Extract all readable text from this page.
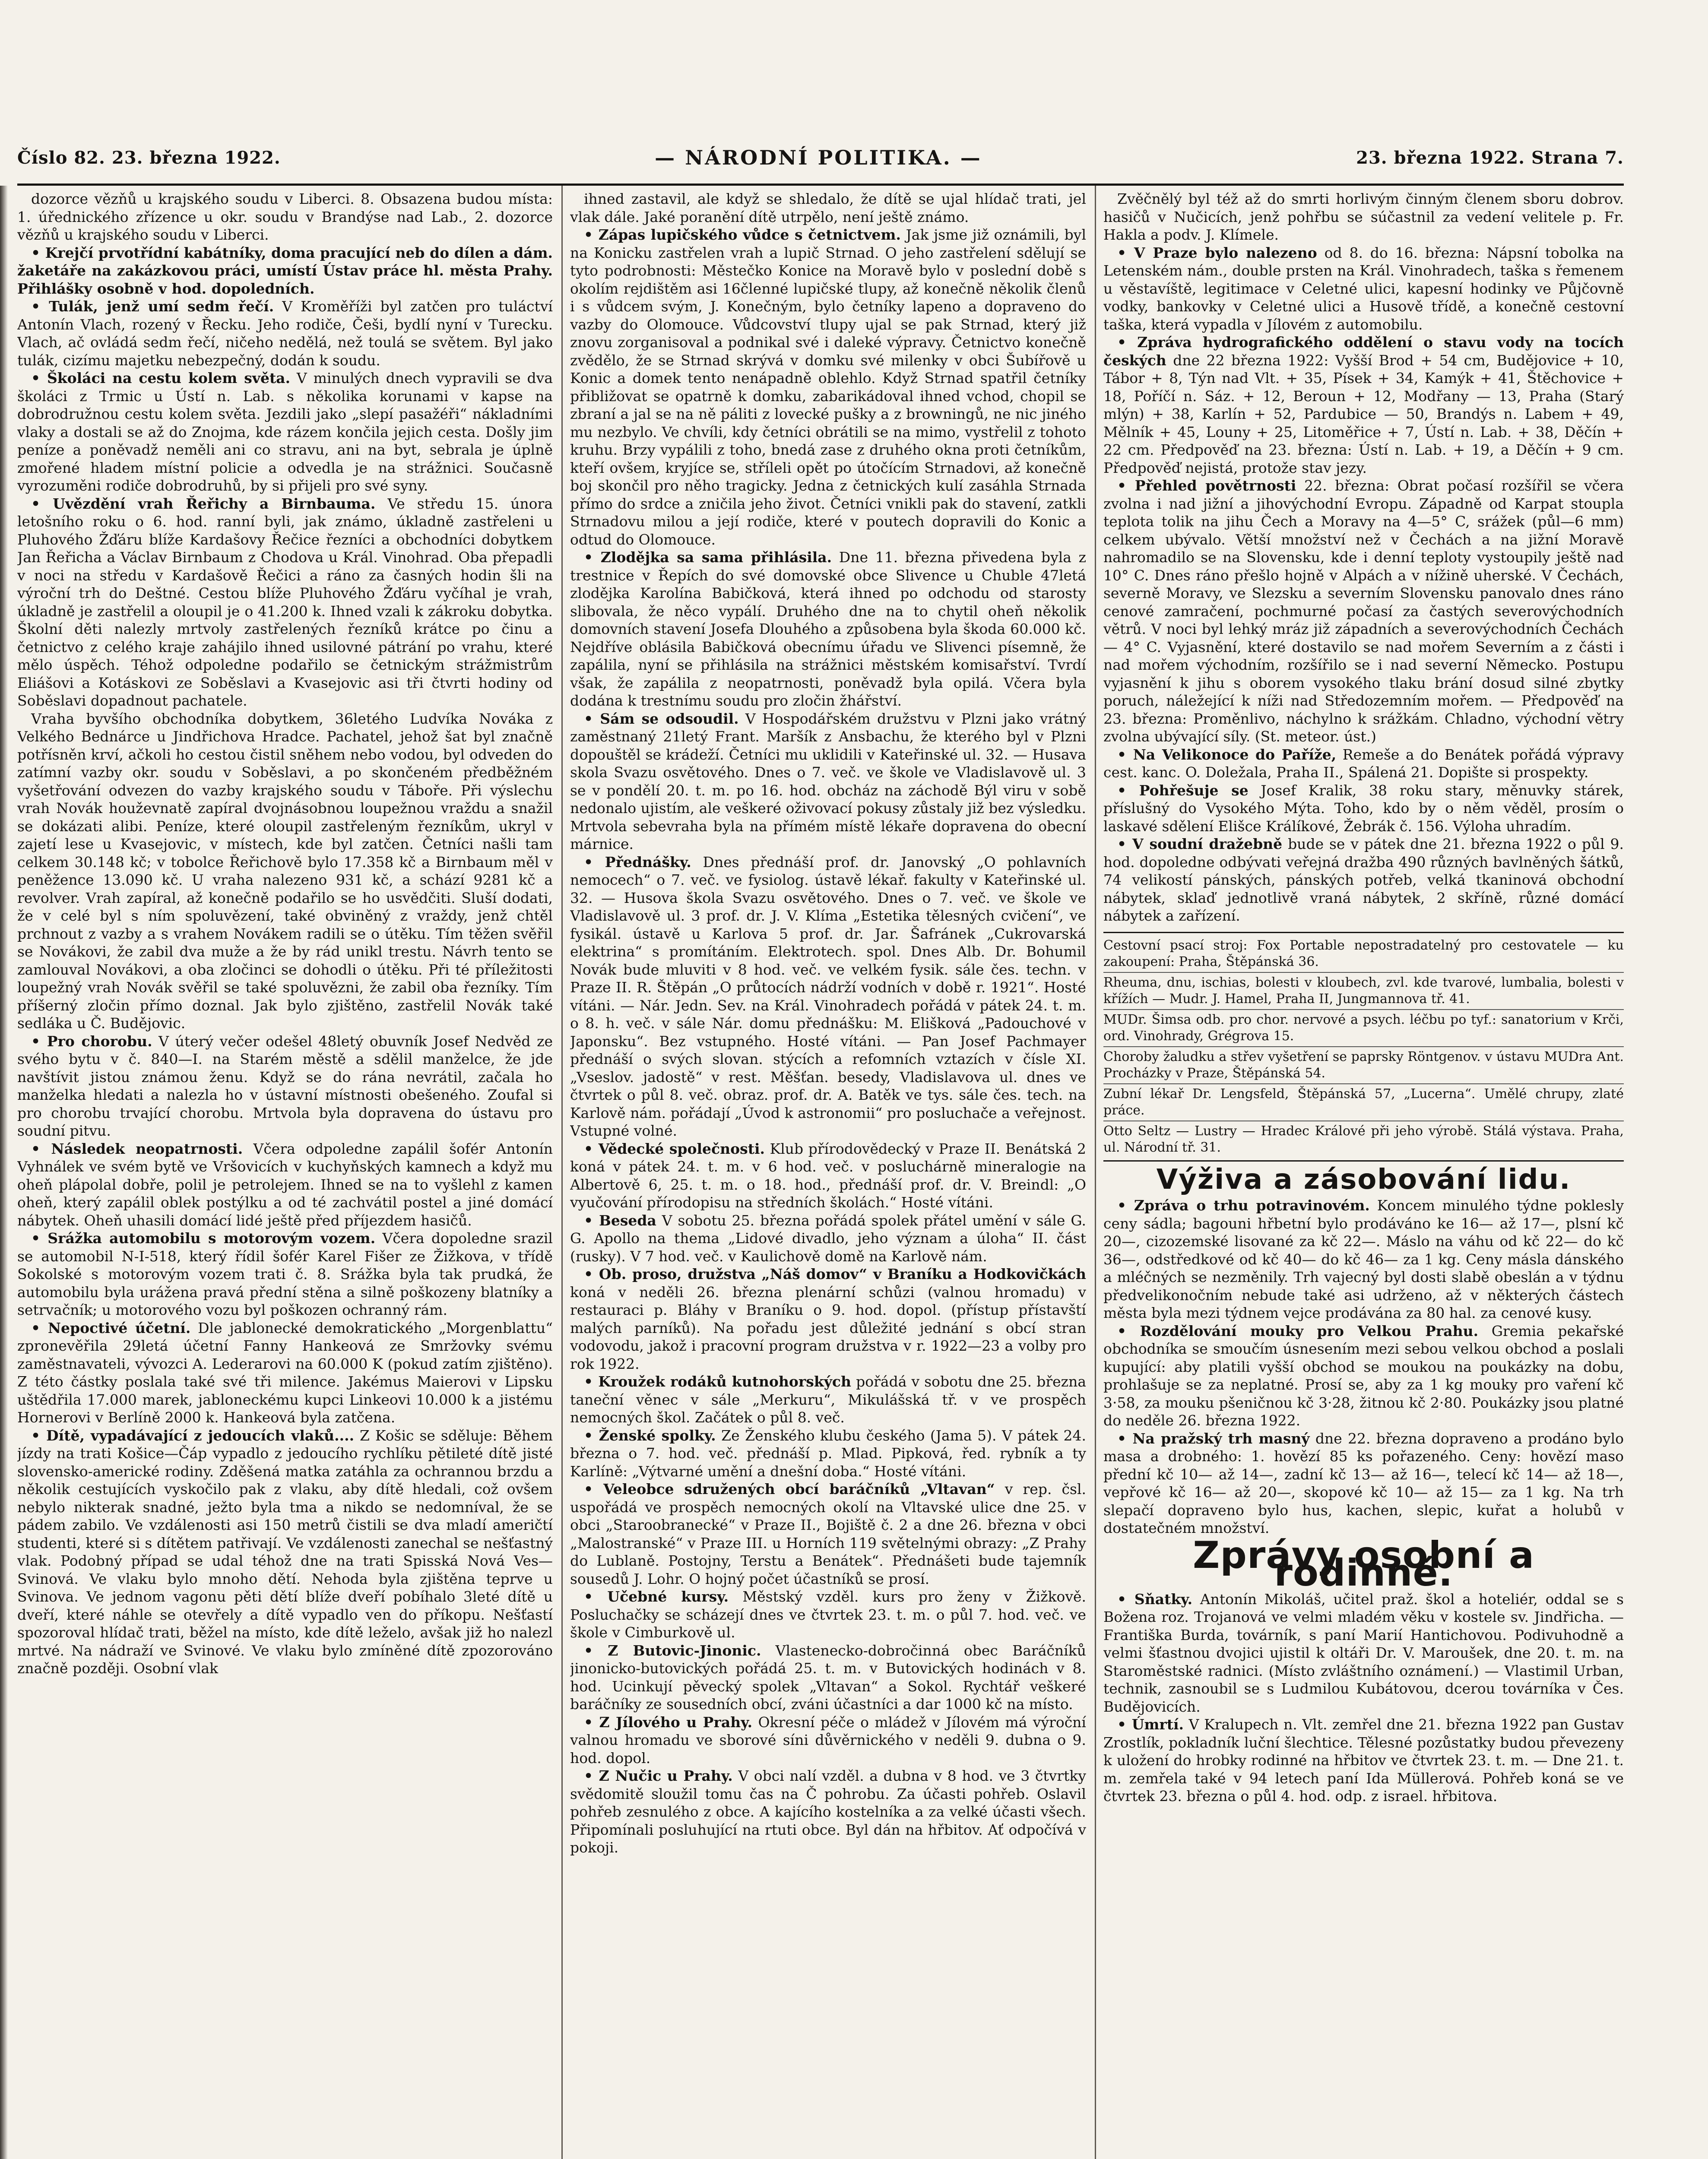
Číslo 82. 23. března 1922.	— NÁRODNÍ POLITIKA. —	23. března 1922. Strana 7.

dozorce vězňů u krajského soudu v Liberci. 8. Obsazena budou místa: 1. úřednického zřízence u okr. soudu v Brandýse nad Lab., 2. dozorce vězňů u krajského soudu v Liberci.

• Krejčí prvotřídní kabátníky, doma pracující neb do dílen a dám. žaketáře na zakázkovou práci, umístí Ústav práce hl. města Prahy. Přihlášky osobně v hod. dopoledních.

• Tulák, jenž umí sedm řečí. V Kroměříži byl zatčen pro tuláctví Antonín Vlach, rozený v Řecku. Jeho rodiče, Češi, bydlí nyní v Turecku. Vlach, ač ovládá sedm řečí, ničeho nedělá, než toulá se světem. Byl jako tulák, cizímu majetku nebezpečný, dodán k soudu.

• Školáci na cestu kolem světa. V minulých dnech vypravili se dva školáci z Trmic u Ústí n. Lab. s několika korunami v kapse na dobrodružnou cestu kolem světa. Jezdili jako „slepí pasažéři“ nákladními vlaky a dostali se až do Znojma, kde rázem končila jejich cesta. Došly jim peníze a poněvadž neměli ani co stravu, ani na byt, sebrala je úplně zmořené hladem místní policie a odvedla je na strážnici. Současně vyrozuměni rodiče dobrodruhů, by si přijeli pro své syny.

• Uvězdění vrah Řeřichy a Birnbauma. Ve středu 15. února letošního roku o 6. hod. ranní byli, jak známo, úkladně zastřeleni u Pluhového Žďáru blíže Kardašovy Řečice řezníci a obchodníci dobytkem Jan Řeřicha a Václav Birnbaum z Chodova u Král. Vinohrad. Oba přepadli v noci na středu v Kardašově Řečici a ráno za časných hodin šli na výroční trh do Deštné. Cestou blíže Pluhového Žďáru vyčíhal je vrah, úkladně je zastřelil a oloupil je o 41.200 k. Ihned vzali k zákroku dobytka. Školní děti nalezly mrtvoly zastřelených řezníků krátce po činu a četnictvo z celého kraje zahájilo ihned usilovné pátrání po vrahu, které mělo úspěch. Téhož odpoledne podařilo se četnickým strážmistrům Eliášovi a Kotáskovi ze Soběslavi a Kvasejovic asi tři čtvrti hodiny od Soběslavi dopadnout pachatele.

Vraha byvšího obchodníka dobytkem, 36letého Ludvíka Nováka z Velkého Bednárce u Jindřichova Hradce. Pachatel, jehož šat byl značně potřísněn krví, ačkoli ho cestou čistil sněhem nebo vodou, byl odveden do zatímní vazby okr. soudu v Soběslavi, a po skončeném předběžném vyšetřování odvezen do vazby krajského soudu v Táboře. Při výslechu vrah Novák houževnatě zapíral dvojnásobnou loupežnou vraždu a snažil se dokázati alibi. Peníze, které oloupil zastřeleným řezníkům, ukryl v zajetí lese u Kvasejovic, v místech, kde byl zatčen. Četníci našli tam celkem 30.148 kč; v tobolce Řeřichově bylo 17.358 kč a Birnbaum měl v peněžence 13.090 kč. U vraha nalezeno 931 kč, a schází 9281 kč a revolver. Vrah zapíral, až konečně podařilo se ho usvědčiti. Sluší dodati, že v celé byl s ním spoluvězení, také obviněný z vraždy, jenž chtěl prchnout z vazby a s vrahem Novákem radili se o útěku. Tím těžen svěřil se Novákovi, že zabil dva muže a že by rád unikl trestu. Návrh tento se zamlouval Novákovi, a oba zločinci se dohodli o útěku. Při té příležitosti loupežný vrah Novák svěřil se také spoluvězni, že zabil oba řezníky. Tím příšerný zločin přímo doznal. Jak bylo zjištěno, zastřelil Novák také sedláka u Č. Budějovic.

• Pro chorobu. V úterý večer odešel 48letý obuvník Josef Nedvěd ze svého bytu v č. 840—I. na Starém městě a sdělil manželce, že jde navštívit jistou známou ženu. Když se do rána nevrátil, začala ho manželka hledati a nalezla ho v ústavní místnosti obešeného. Zoufal si pro chorobu trvající chorobu. Mrtvola byla dopravena do ústavu pro soudní pitvu.

• Následek neopatrnosti. Včera odpoledne zapálil šofér Antonín Vyhnálek ve svém bytě ve Vršovicích v kuchyňských kamnech a když mu oheň plápolal dobře, polil je petrolejem. Ihned se na to vyšlehl z kamen oheň, který zapálil oblek postýlku a od té zachvátil postel a jiné domácí nábytek. Oheň uhasili domácí lidé ještě před příjezdem hasičů.

• Srážka automobilu s motorovým vozem. Včera dopoledne srazil se automobil N-I-518, který řídil šofér Karel Fišer ze Žižkova, v třídě Sokolské s motorovým vozem trati č. 8. Srážka byla tak prudká, že automobilu byla urážena pravá přední stěna a silně poškozeny blatníky a setrvačník; u motorového vozu byl poškozen ochranný rám.

• Nepoctivé účetní. Dle jablonecké demokratického „Morgenblattu“ zpronevěřila 29letá účetní Fanny Hankeová ze Smržovky svému zaměstnavateli, vývozci A. Lederarovi na 60.000 K (pokud zatím zjištěno). Z této částky poslala také své tři milence. Jakémus Maierovi v Lipsku uštědřila 17.000 marek, jabloneckému kupci Linkeovi 10.000 k a jistému Hornerovi v Berlíně 2000 k. Hankeová byla zatčena.

• Dítě, vypadávající z jedoucích vlaků.... Z Košic se sděluje: Během jízdy na trati Košice—Čáp vypadlo z jedoucího rychlíku pětileté dítě jisté slovensko-americké rodiny. Zděšená matka zatáhla za ochrannou brzdu a několik cestujících vyskočilo pak z vlaku, aby dítě hledali, což ovšem nebylo nikterak snadné, ježto byla tma a nikdo se nedomníval, že se pádem zabilo. Ve vzdálenosti asi 150 metrů čistili se dva mladí američtí studenti, které si s dítětem patřivají. Ve vzdálenosti zanechal se nešťastný vlak. Podobný případ se udal téhož dne na trati Spisská Nová Ves—Svinová. Ve vlaku bylo mnoho dětí. Nehoda byla zjištěna teprve u Svinova. Ve jednom vagonu pěti dětí blíže dveří pobíhalo 3leté dítě u dveří, které náhle se otevřely a dítě vypadlo ven do příkopu. Nešťastí spozoroval hlídač trati, běžel na místo, kde dítě leželo, avšak již ho nalezl mrtvé. Na nádraží ve Svinové. Ve vlaku bylo zmíněné dítě zpozorováno značně později. Osobní vlak

ihned zastavil, ale když se shledalo, že dítě se ujal hlídač trati, jel vlak dále. Jaké poranění dítě utrpělo, není ještě známo.

• Zápas lupičského vůdce s četnictvem. Jak jsme již oznámili, byl na Konicku zastřelen vrah a lupič Strnad. O jeho zastřelení sdělují se tyto podrobnosti: Městečko Konice na Moravě bylo v poslední době s okolím rejdištěm asi 16členné lupičské tlupy, až konečně několik členů i s vůdcem svým, J. Konečným, bylo četníky lapeno a dopraveno do vazby do Olomouce. Vůdcovství tlupy ujal se pak Strnad, který již znovu zorganisoval a podnikal své i daleké výpravy. Četnictvo konečně zvědělo, že se Strnad skrývá v domku své milenky v obci Šubířově u Konic a domek tento nenápadně oblehlo. Když Strnad spatřil četníky přibližovat se opatrně k domku, zabarikádoval ihned vchod, chopil se zbraní a jal se na ně páliti z lovecké pušky a z browningů, ne nic jiného mu nezbylo. Ve chvíli, kdy četníci obrátili se na mimo, vystřelil z tohoto kruhu. Brzy vypálili z toho, bnedá zase z druhého okna proti četníkům, kteří ovšem, kryjíce se, stříleli opět po útočícím Strnadovi, až konečně boj skončil pro něho tragicky. Jedna z četnických kulí zasáhla Strnada přímo do srdce a zničila jeho život. Četníci vnikli pak do stavení, zatkli Strnadovu milou a její rodiče, které v poutech dopravili do Konic a odtud do Olomouce.

• Zlodějka sa sama přihlásila. Dne 11. března přivedena byla z trestnice v Řepích do své domovské obce Slivence u Chuble 47letá zlodějka Karolína Babičková, která ihned po odchodu od starosty slibovala, že něco vypálí. Druhého dne na to chytil oheň několik domovních stavení Josefa Dlouhého a způsobena byla škoda 60.000 kč. Nejdříve oblásila Babičková obecnímu úřadu ve Slivenci písemně, že zapálila, nyní se přihlásila na strážnici městském komisařství. Tvrdí však, že zapálila z neopatrnosti, poněvadž byla opilá. Včera byla dodána k trestnímu soudu pro zločin žhářství.

• Sám se odsoudil. V Hospodářském družstvu v Plzni jako vrátný zaměstnaný 21letý Frant. Maršík z Ansbachu, že kterého byl v Plzni dopouštěl se krádeží. Četníci mu uklidili v Kateřinské ul. 32. — Husava skola Svazu osvětového. Dnes o 7. več. ve škole ve Vladislavově ul. 3 se v pondělí 20. t. m. po 16. hod. obcház na záchodě Býl viru v sobě nedonalo ujistím, ale veškeré oživovací pokusy zůstaly již bez výsledku. Mrtvola sebevraha byla na přímém místě lékaře dopravena do obecní márnice.

• Přednášky. Dnes přednáší prof. dr. Janovský „O pohlavních nemocech“ o 7. več. ve fysiolog. ústavě lékař. fakulty v Kateřinské ul. 32. — Husova škola Svazu osvětového. Dnes o 7. več. ve škole ve Vladislavově ul. 3 prof. dr. J. V. Klíma „Estetika tělesných cvičení“, ve fysikál. ústavě u Karlova 5 prof. dr. Jar. Šafránek „Cukrovarská elektrina“ s promítáním. Elektrotech. spol. Dnes Alb. Dr. Bohumil Novák bude mluviti v 8 hod. več. ve velkém fysik. sále čes. techn. v Praze II. R. Štěpán „O průtocích nádrží vodních v době r. 1921“. Hosté vítáni. — Nár. Jedn. Sev. na Král. Vinohradech pořádá v pátek 24. t. m. o 8. h. več. v sále Nár. domu přednášku: M. Elišková „Padouchové v Japonsku“. Bez vstupného. Hosté vítáni. — Pan Josef Pachmayer přednáší o svých slovan. stýcích a refomních vztazích v čísle XI. „Vseslov. jadostě“ v rest. Měšťan. besedy, Vladislavova ul. dnes ve čtvrtek o půl 8. več. obraz. prof. dr. A. Batěk ve tys. sále čes. tech. na Karlově nám. pořádají „Úvod k astronomii“ pro posluchače a veřejnost. Vstupné volné.

• Vědecké společnosti. Klub přírodovědecký v Praze II. Benátská 2 koná v pátek 24. t. m. v 6 hod. več. v posluchárně mineralogie na Albertově 6, 25. t. m. o 18. hod., přednáší prof. dr. V. Breindl: „O vyučování přírodopisu na středních školách.“ Hosté vítáni.

• Beseda V sobotu 25. března pořádá spolek přátel umění v sále G. G. Apollo na thema „Lidové divadlo, jeho význam a úloha“ II. část (rusky). V 7 hod. več. v Kaulichově domě na Karlově nám.

• Ob. proso, družstva „Náš domov“ v Braníku a Hodkovičkách koná v neděli 26. března plenární schůzi (valnou hromadu) v restauraci p. Bláhy v Braníku o 9. hod. dopol. (přístup přístavští malých parníků). Na pořadu jest důležité jednání s obcí stran vodovodu, jakož i pracovní program družstva v r. 1922—23 a volby pro rok 1922.

• Kroužek rodáků kutnohorských pořádá v sobotu dne 25. března taneční věnec v sále „Merkuru“, Mikulášská tř. v ve prospěch nemocných škol. Začátek o půl 8. več.

• Ženské spolky. Ze Ženského klubu českého (Jama 5). V pátek 24. března o 7. hod. več. přednáší p. Mlad. Pipková, řed. rybník a ty Karlíně: „Výtvarné umění a dnešní doba.“ Hosté vítáni.

• Veleobce sdružených obcí baráčníků „Vltavan“ v rep. čsl. uspořádá ve prospěch nemocných okolí na Vltavské ulice dne 25. v obci „Staroobranecké“ v Praze II., Bojiště č. 2 a dne 26. března v obci „Malostranské“ v Praze III. u Horních 119 světelnými obrazy: „Z Prahy do Lublaně. Postojny, Terstu a Benátek“. Přednášeti bude tajemník sousedů J. Lohr. O hojný počet účastníků se prosí.

• Učebné kursy. Městský vzděl. kurs pro ženy v Žižkově. Posluchačky se scházejí dnes ve čtvrtek 23. t. m. o půl 7. hod. več. ve škole v Cimburkově ul.

• Z Butovic-Jinonic. Vlastenecko-dobročinná obec Baráčníků jinonicko-butovických pořádá 25. t. m. v Butovických hodinách v 8. hod. Ucinkují pěvecký spolek „Vltavan“ a Sokol. Rychtář veškeré baráčníky ze sousedních obcí, zváni účastníci a dar 1000 kč na místo.

• Z Jílového u Prahy. Okresní péče o mládež v Jílovém má výroční valnou hromadu ve sborové síni důvěrnického v neděli 9. dubna o 9. hod. dopol.

• Z Nučic u Prahy. V obci nalí vzděl. a dubna v 8 hod. ve 3 čtvrtky svědomitě sloužil tomu čas na Č pohrobu. Za účasti pohřeb. Oslavil pohřeb zesnulého z obce. A kajícího kostelníka a za velké účasti všech. Připomínali posluhující na rtuti obce. Byl dán na hřbitov. Ať odpočívá v pokoji.

Zvěčnělý byl též až do smrti horlivým činným členem sboru dobrov. hasičů v Nučicích, jenž pohřbu se súčastnil za vedení velitele p. Fr. Hakla a podv. J. Klímele.

• V Praze bylo nalezeno od 8. do 16. března: Nápsní tobolka na Letenském nám., double prsten na Král. Vinohradech, taška s řemenem u věstavíště, legitimace v Celetné ulici, kapesní hodinky ve Půjčovně vodky, bankovky v Celetné ulici a Husově třídě, a konečně cestovní taška, která vypadla v Jílovém z automobilu.

• Zpráva hydrografického oddělení o stavu vody na tocích českých dne 22 března 1922: Vyšší Brod + 54 cm, Budějovice + 10, Tábor + 8, Týn nad Vlt. + 35, Písek + 34, Kamýk + 41, Štěchovice + 18, Poříčí n. Sáz. + 12, Beroun + 12, Modřany — 13, Praha (Starý mlýn) + 38, Karlín + 52, Pardubice — 50, Brandýs n. Labem + 49, Mělník + 45, Louny + 25, Litoměřice + 7, Ústí n. Lab. + 38, Děčín + 22 cm. Předpověď na 23. března: Ústí n. Lab. + 19, a Děčín + 9 cm. Předpověď nejistá, protože stav jezy.

• Přehled povětrnosti 22. března: Obrat počasí rozšířil se včera zvolna i nad jižní a jihovýchodní Evropu. Západně od Karpat stoupla teplota tolik na jihu Čech a Moravy na 4—5° C, srážek (půl—6 mm) celkem ubývalo. Větší množství než v Čechách a na jižní Moravě nahromadilo se na Slovensku, kde i denní teploty vystoupily ještě nad 10° C. Dnes ráno přešlo hojně v Alpách a v nížině uherské. V Čechách, severně Moravy, ve Slezsku a severním Slovensku panovalo dnes ráno cenové zamračení, pochmurné počasí za častých severovýchodních větrů. V noci byl lehký mráz již západních a severovýchodních Čechách — 4° C. Vyjasnění, které dostavilo se nad mořem Severním a z části i nad mořem východním, rozšířilo se i nad severní Německo. Postupu vyjasnění k jihu s oborem vysokého tlaku brání dosud silné zbytky poruch, náležející k níži nad Středozemním mořem. — Předpověď na 23. března: Proměnlivo, náchylno k srážkám. Chladno, východní větry zvolna ubývající síly. (St. meteor. úst.)

• Na Velikonoce do Paříže, Remeše a do Benátek pořádá výpravy cest. kanc. O. Doležala, Praha II., Spálená 21. Dopište si prospekty.

• Pohřešuje se Josef Kralik, 38 roku stary, měnuvky stárek, příslušný do Vysokého Mýta. Toho, kdo by o něm věděl, prosím o laskavé sdělení Elišce Králíkové, Žebrák č. 156. Výloha uhradím.

• V soudní dražebně bude se v pátek dne 21. března 1922 o půl 9. hod. dopoledne odbývati veřejná dražba 490 různých bavlněných šátků, 74 velikostí pánských, pánských potřeb, velká tkaninová obchodní nábytek, sklaď jednotlivě vraná nábytek, 2 skříně, různé domácí nábytek a zařízení.

Cestovní psací stroj: Fox Portable nepostradatelný pro cestovatele — ku zakoupení: Praha, Štěpánská 36.

Rheuma, dnu, ischias, bolesti v kloubech, zvl. kde tvarové, lumbalia, bolesti v křížích — Mudr. J. Hamel, Praha II, Jungmannova tř. 41.

MUDr. Šimsa odb. pro chor. nervové a psych. léčbu po tyf.: sanatorium v Krči, ord. Vinohrady, Grégrova 15.

Choroby žaludku a střev vyšetření se paprsky Röntgenov. v ústavu MUDra Ant. Procházky v Praze, Štěpánská 54.

Zubní lékař Dr. Lengsfeld, Štěpánská 57, „Lucerna“. Umělé chrupy, zlaté práce.

Otto Seltz — Lustry — Hradec Králové při jeho výrobě. Stálá výstava. Praha, ul. Národní tř. 31.

Výživa a zásobování lidu.

• Zpráva o trhu potravinovém. Koncem minulého týdne poklesly ceny sádla; bagouni hřbetní bylo prodáváno ke 16— až 17—, plsní kč 20—, cizozemské lisované za kč 22—. Máslo na váhu od kč 22— do kč 36—, odstředkové od kč 40— do kč 46— za 1 kg. Ceny másla dánského a mléčných se nezměnily. Trh vajecný byl dosti slabě obeslán a v týdnu předvelikonočním nebude také asi udrženo, až v některých částech města byla mezi týdnem vejce prodávána za 80 hal. za cenové kusy.

• Rozdělování mouky pro Velkou Prahu. Gremia pekařské obchodníka se smoučím úsnesením mezi sebou velkou obchod a poslali kupující: aby platili vyšší obchod se moukou na poukázky na dobu, prohlašuje se za neplatné. Prosí se, aby za 1 kg mouky pro vaření kč 3·58, za mouku pšeničnou kč 3·28, žitnou kč 2·80. Poukázky jsou platné do neděle 26. března 1922.

• Na pražský trh masný dne 22. března dopraveno a prodáno bylo masa a drobného: 1. hovězí 85 ks pořazeného. Ceny: hovězí maso přední kč 10— až 14—, zadní kč 13— až 16—, telecí kč 14— až 18—, vepřové kč 16— až 20—, skopové kč 10— až 15— za 1 kg. Na trh slepačí dopraveno bylo hus, kachen, slepic, kuřat a holubů v dostatečném množství.

Zprávy osobní a rodinné.

• Sňatky. Antonín Mikoláš, učitel praž. škol a hoteliér, oddal se s Božena roz. Trojanová ve velmi mladém věku v kostele sv. Jindřicha. — Františka Burda, továrník, s paní Marií Hantichovou. Podivuhodně a velmi šťastnou dvojici ujistil k oltáři Dr. V. Maroušek, dne 20. t. m. na Staroměstské radnici. (Místo zvláštního oznámení.) — Vlastimil Urban, technik, zasnoubil se s Ludmilou Kubátovou, dcerou továrníka v Čes. Budějovicích.

• Úmrtí. V Kralupech n. Vlt. zemřel dne 21. března 1922 pan Gustav Zrostlík, pokladník luční šlechtice. Tělesné pozůstatky budou převezeny k uložení do hrobky rodinné na hřbitov ve čtvrtek 23. t. m. — Dne 21. t. m. zemřela také v 94 letech paní Ida Müllerová. Pohřeb koná se ve čtvrtek 23. března o půl 4. hod. odp. z israel. hřbitova.
